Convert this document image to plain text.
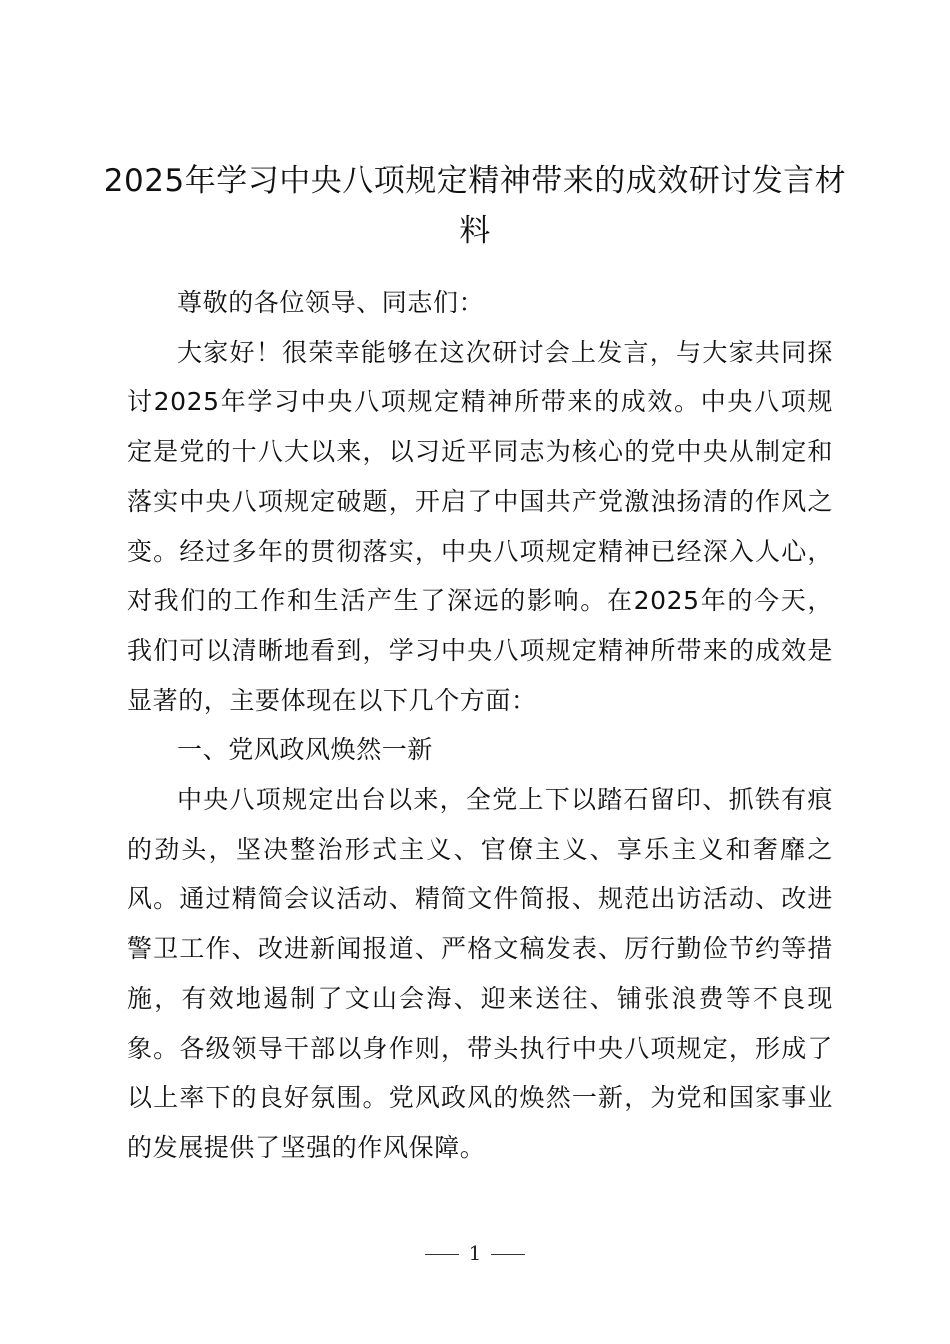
2025年学习中央八项规定精神带来的成效研讨发言材料

尊敬的各位领导、同志们：

大家好！很荣幸能够在这次研讨会上发言，与大家共同探讨2025年学习中央八项规定精神所带来的成效。中央八项规定是党的十八大以来，以习近平同志为核心的党中央从制定和落实中央八项规定破题，开启了中国共产党激浊扬清的作风之变。经过多年的贯彻落实，中央八项规定精神已经深入人心，对我们的工作和生活产生了深远的影响。在2025年的今天，我们可以清晰地看到，学习中央八项规定精神所带来的成效是显著的，主要体现在以下几个方面：

一、党风政风焕然一新

中央八项规定出台以来，全党上下以踏石留印、抓铁有痕的劲头，坚决整治形式主义、官僚主义、享乐主义和奢靡之风。通过精简会议活动、精简文件简报、规范出访活动、改进警卫工作、改进新闻报道、严格文稿发表、厉行勤俭节约等措施，有效地遏制了文山会海、迎来送往、铺张浪费等不良现象。各级领导干部以身作则，带头执行中央八项规定，形成了以上率下的良好氛围。党风政风的焕然一新，为党和国家事业的发展提供了坚强的作风保障。

1
